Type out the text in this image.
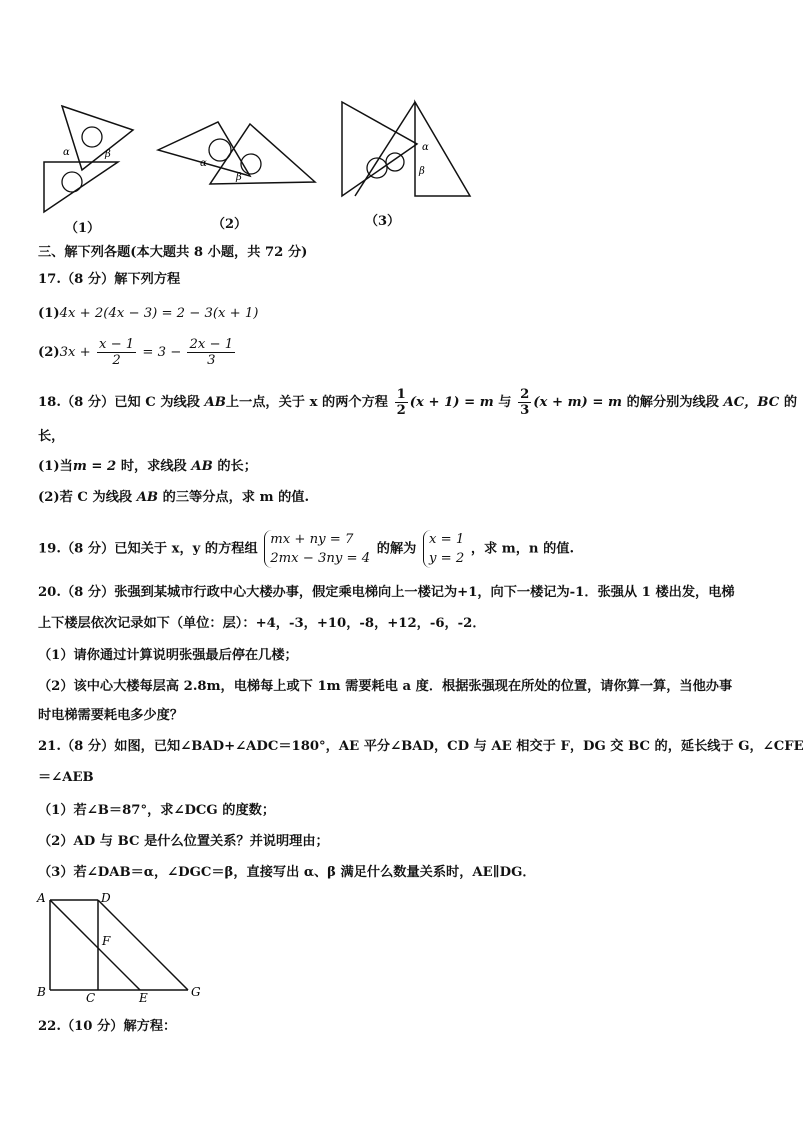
α	β
（1）
α
β
（2）
α
β
（3）
三、解下列各题(本大题共 8 小题，共 72 分)
17.（8 分）解下列方程
(1)4x + 2(4x − 3) = 2 − 3(x + 1)
$(2)3x + \frac{x - 1}{2} = 3 - \frac{2x - 1}{3}$
18.（8 分）已知 C 为线段 AB上一点，关于 x 的两个方程 $\frac{1}{2} (x + 1) = m$ 与 $\frac{2}{3} (x + m) = m$ 的解分别为线段 AC，BC 的
长，
(1)当m = 2 时，求线段 AB 的长；
(2)若 C 为线段 AB 的三等分点，求 m 的值.
19.（8 分）已知关于 x，y 的方程组
mx + ny = 7
2mx − 3ny = 4
的解为
x = 1
y = 2
，求 m，n 的值.
20.（8 分）张强到某城市行政中心大楼办事，假定乘电梯向上一楼记为+1，向下一楼记为-1．张强从 1 楼出发，电梯
上下楼层依次记录如下（单位：层）：+4，-3，+10，-8，+12，-6，-2．
（1）请你通过计算说明张强最后停在几楼；
（2）该中心大楼每层高 2.8m，电梯每上或下 1m 需要耗电 a 度．根据张强现在所处的位置，请你算一算，当他办事
时电梯需要耗电多少度？
21.（8 分）如图，已知∠BAD+∠ADC＝180°，AE 平分∠BAD，CD 与 AE 相交于 F，DG 交 BC 的，延长线于 G，∠CFE
＝∠AEB
（1）若∠B＝87°，求∠DCG 的度数；
（2）AD 与 BC 是什么位置关系？并说明理由；
（3）若∠DAB＝α，∠DGC＝β，直接写出 α、β 满足什么数量关系时，AE∥DG．
A	D
F
B	C	E	G
22.（10 分）解方程：
